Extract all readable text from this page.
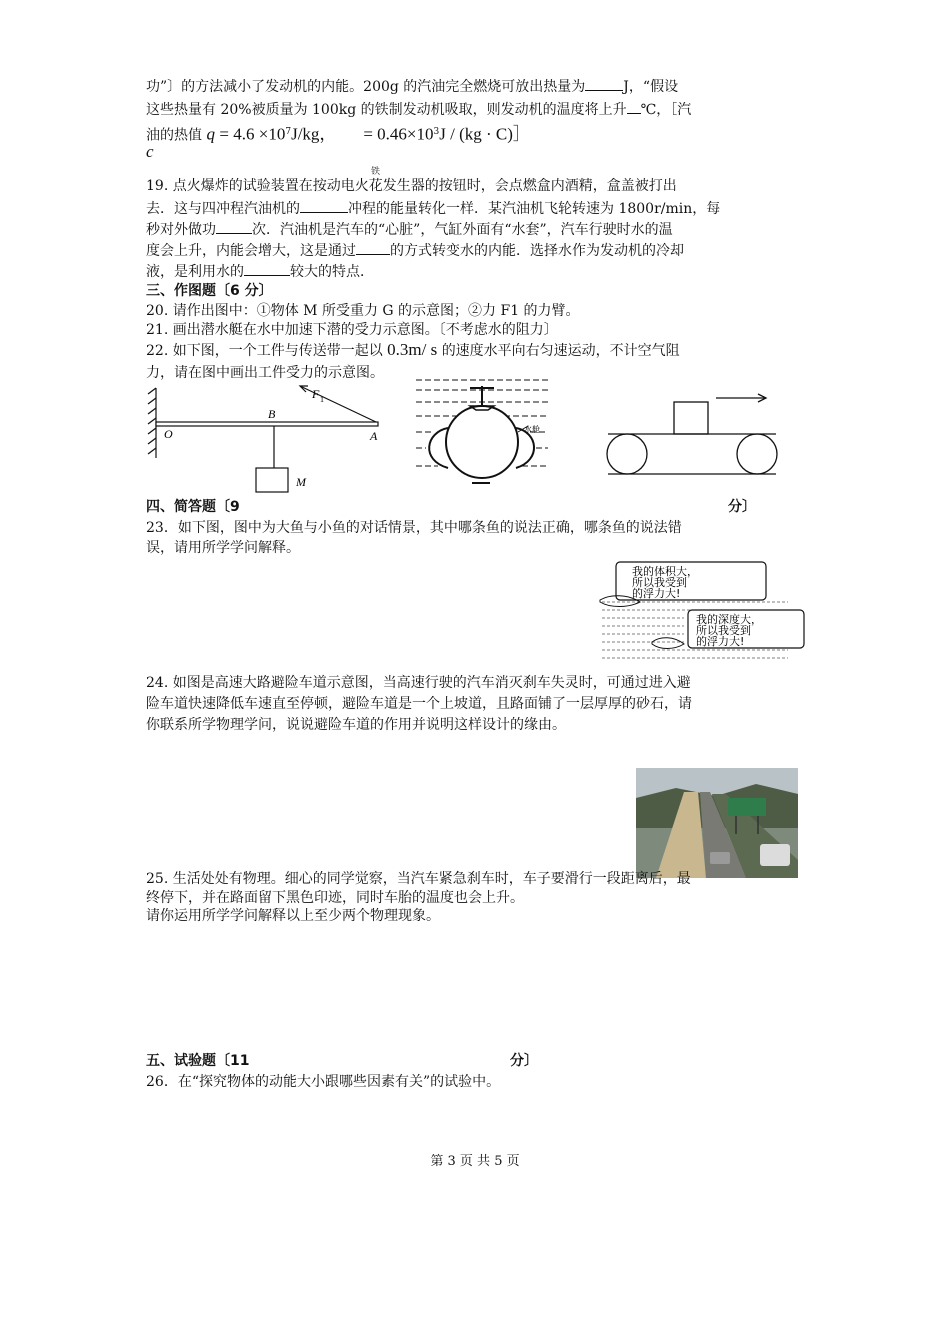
功”〕的方法减小了发动机的内能。200g 的汽油完全燃烧可放出热量为	J，“假设
这些热量有 20%被质量为 100kg 的铁制发动机吸取，则发动机的温度将上升 ℃，［汽
油的热值 $q = 4.6 \times 10^7J/kg$， = $0.46\times 10^3J / (kg$ · C)］
c
铁
19. 点火爆炸的试验装置在按动电火花发生器的按钮时，会点燃盒内酒精，盒盖被打出
去．这与四冲程汽油机的	冲程的能量转化一样．某汽油机飞轮转速为 1800r/min，每
秒对外做功	次．汽油机是汽车的“心脏”，气缸外面有“水套”，汽车行驶时水的温
度会上升，内能会增大，这是通过 的方式转变水的内能．选择水作为发动机的冷却
液，是利用水的	较大的特点．
三、作图题〔6 分〕
20. 请作出图中：①物体 M 所受重力 G 的示意图；②力 F1 的力臂。
21. 画出潜水艇在水中加速下潜的受力示意图。〔不考虑水的阻力〕
22. 如下图，一个工件与传送带一起以 0.3m/ s 的速度水平向右匀速运动，不计空气阻
力，请在图中画出工件受力的示意图。
O
B
A
F 1
M
水舱
四、简答题〔9	分〕
23．如下图，图中为大鱼与小鱼的对话情景，其中哪条鱼的说法正确，哪条鱼的说法错
误，请用所学学问解释。
我的体积大，
所以我受到
的浮力大!
我的深度大，
所以我受到
的浮力大!
24. 如图是高速大路避险车道示意图，当高速行驶的汽车消灭刹车失灵时，可通过进入避
险车道快速降低车速直至停顿，避险车道是一个上坡道，且路面铺了一层厚厚的砂石，请
你联系所学物理学问，说说避险车道的作用并说明这样设计的缘由。
25. 生活处处有物理。细心的同学觉察，当汽车紧急刹车时，车子要滑行一段距离后，最
终停下，并在路面留下黑色印迹，同时车胎的温度也会上升。
请你运用所学学问解释以上至少两个物理现象。
五、试验题〔11	分〕
26．在“探究物体的动能大小跟哪些因素有关”的试验中。
第 3 页 共 5 页
